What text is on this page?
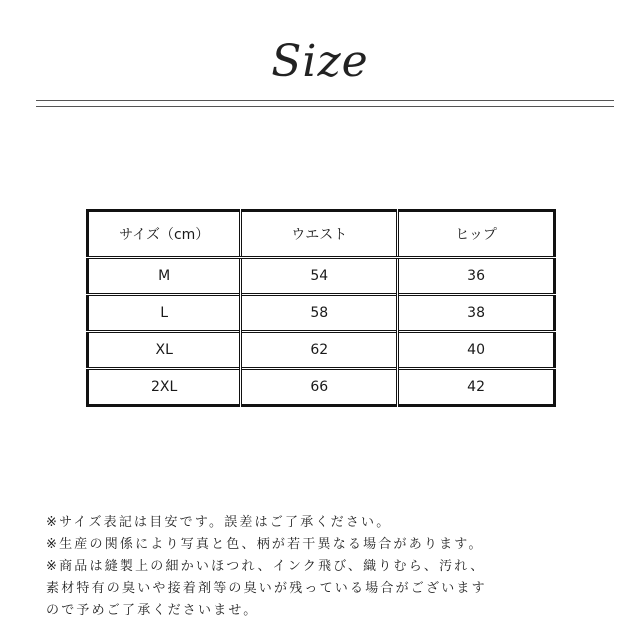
Size
サイズ（cm）	ウエスト	ヒップ
M	54	36
L	58	38
XL	62	40
2XL	66	42
※サイズ表記は目安です。誤差はご了承ください。
※生産の関係により写真と色、柄が若干異なる場合があります。
※商品は縫製上の細かいほつれ、インク飛び、織りむら、汚れ、
素材特有の臭いや接着剤等の臭いが残っている場合がございます
ので予めご了承くださいませ。
